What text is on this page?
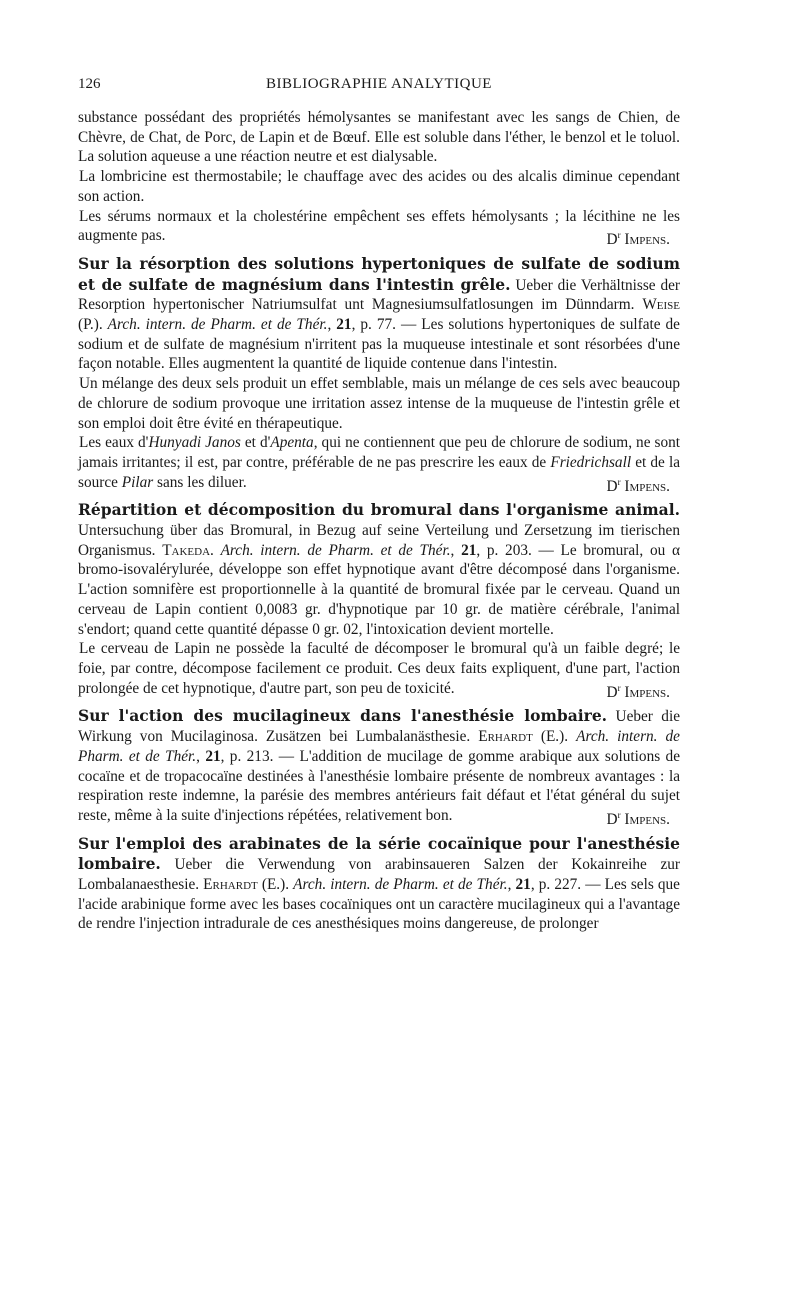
126	BIBLIOGRAPHIE ANALYTIQUE

substance possédant des propriétés hémolysantes se manifestant avec les sangs de Chien, de Chèvre, de Chat, de Porc, de Lapin et de Bœuf. Elle est soluble dans l'éther, le benzol et le toluol. La solution aqueuse a une réaction neutre et est dialysable.

La lombricine est thermostabile; le chauffage avec des acides ou des alcalis diminue cependant son action.

Les sérums normaux et la cholestérine empêchent ses effets hémolysants ; la lécithine ne les augmente pas.	$D^r$ Impens.

Sur la résorption des solutions hypertoniques de sulfate de sodium et de sulfate de magnésium dans l'intestin grêle. Ueber die Verhältnisse der Resorption hypertonischer Natriumsulfat unt Magnesiumsulfatlosungen im Dünndarm. Weise (P.). Arch. intern. de Pharm. et de Thér., 21, p. 77. — Les solutions hypertoniques de sulfate de sodium et de sulfate de magnésium n'irritent pas la muqueuse intestinale et sont résorbées d'une façon notable. Elles augmentent la quantité de liquide contenue dans l'intestin.

Un mélange des deux sels produit un effet semblable, mais un mélange de ces sels avec beaucoup de chlorure de sodium provoque une irritation assez intense de la muqueuse de l'intestin grêle et son emploi doit être évité en thérapeutique.

Les eaux d'Hunyadi Janos et d'Apenta, qui ne contiennent que peu de chlorure de sodium, ne sont jamais irritantes; il est, par contre, préférable de ne pas prescrire les eaux de Friedrichsall et de la source Pilar sans les diluer.	$D^r$ Impens.

Répartition et décomposition du bromural dans l'organisme animal. Untersuchung über das Bromural, in Bezug auf seine Verteilung und Zersetzung im tierischen Organismus. Takeda. Arch. intern. de Pharm. et de Thér., 21, p. 203. — Le bromural, ou α bromo-isovalérylurée, développe son effet hypnotique avant d'être décomposé dans l'organisme. L'action somnifère est proportionnelle à la quantité de bromural fixée par le cerveau. Quand un cerveau de Lapin contient 0,0083 gr. d'hypnotique par 10 gr. de matière cérébrale, l'animal s'endort; quand cette quantité dépasse 0 gr. 02, l'intoxication devient mortelle.

Le cerveau de Lapin ne possède la faculté de décomposer le bromural qu'à un faible degré; le foie, par contre, décompose facilement ce produit. Ces deux faits expliquent, d'une part, l'action prolongée de cet hypnotique, d'autre part, son peu de toxicité.	$D^r$ Impens.

Sur l'action des mucilagineux dans l'anesthésie lombaire. Ueber die Wirkung von Mucilaginosa. Zusätzen bei Lumbalanästhesie. Erhardt (E.). Arch. intern. de Pharm. et de Thér., 21, p. 213. — L'addition de mucilage de gomme arabique aux solutions de cocaïne et de tropacocaïne destinées à l'anesthésie lombaire présente de nombreux avantages : la respiration reste indemne, la parésie des membres antérieurs fait défaut et l'état général du sujet reste, même à la suite d'injections répétées, relativement bon.	$D^r$ Impens.

Sur l'emploi des arabinates de la série cocaïnique pour l'anesthésie lombaire. Ueber die Verwendung von arabinsaueren Salzen der Kokainreihe zur Lombalanaesthesie. Erhardt (E.). Arch. intern. de Pharm. et de Thér., 21, p. 227. — Les sels que l'acide arabinique forme avec les bases cocaïniques ont un caractère mucilagineux qui a l'avantage de rendre l'injection intradurale de ces anesthésiques moins dangereuse, de prolonger
